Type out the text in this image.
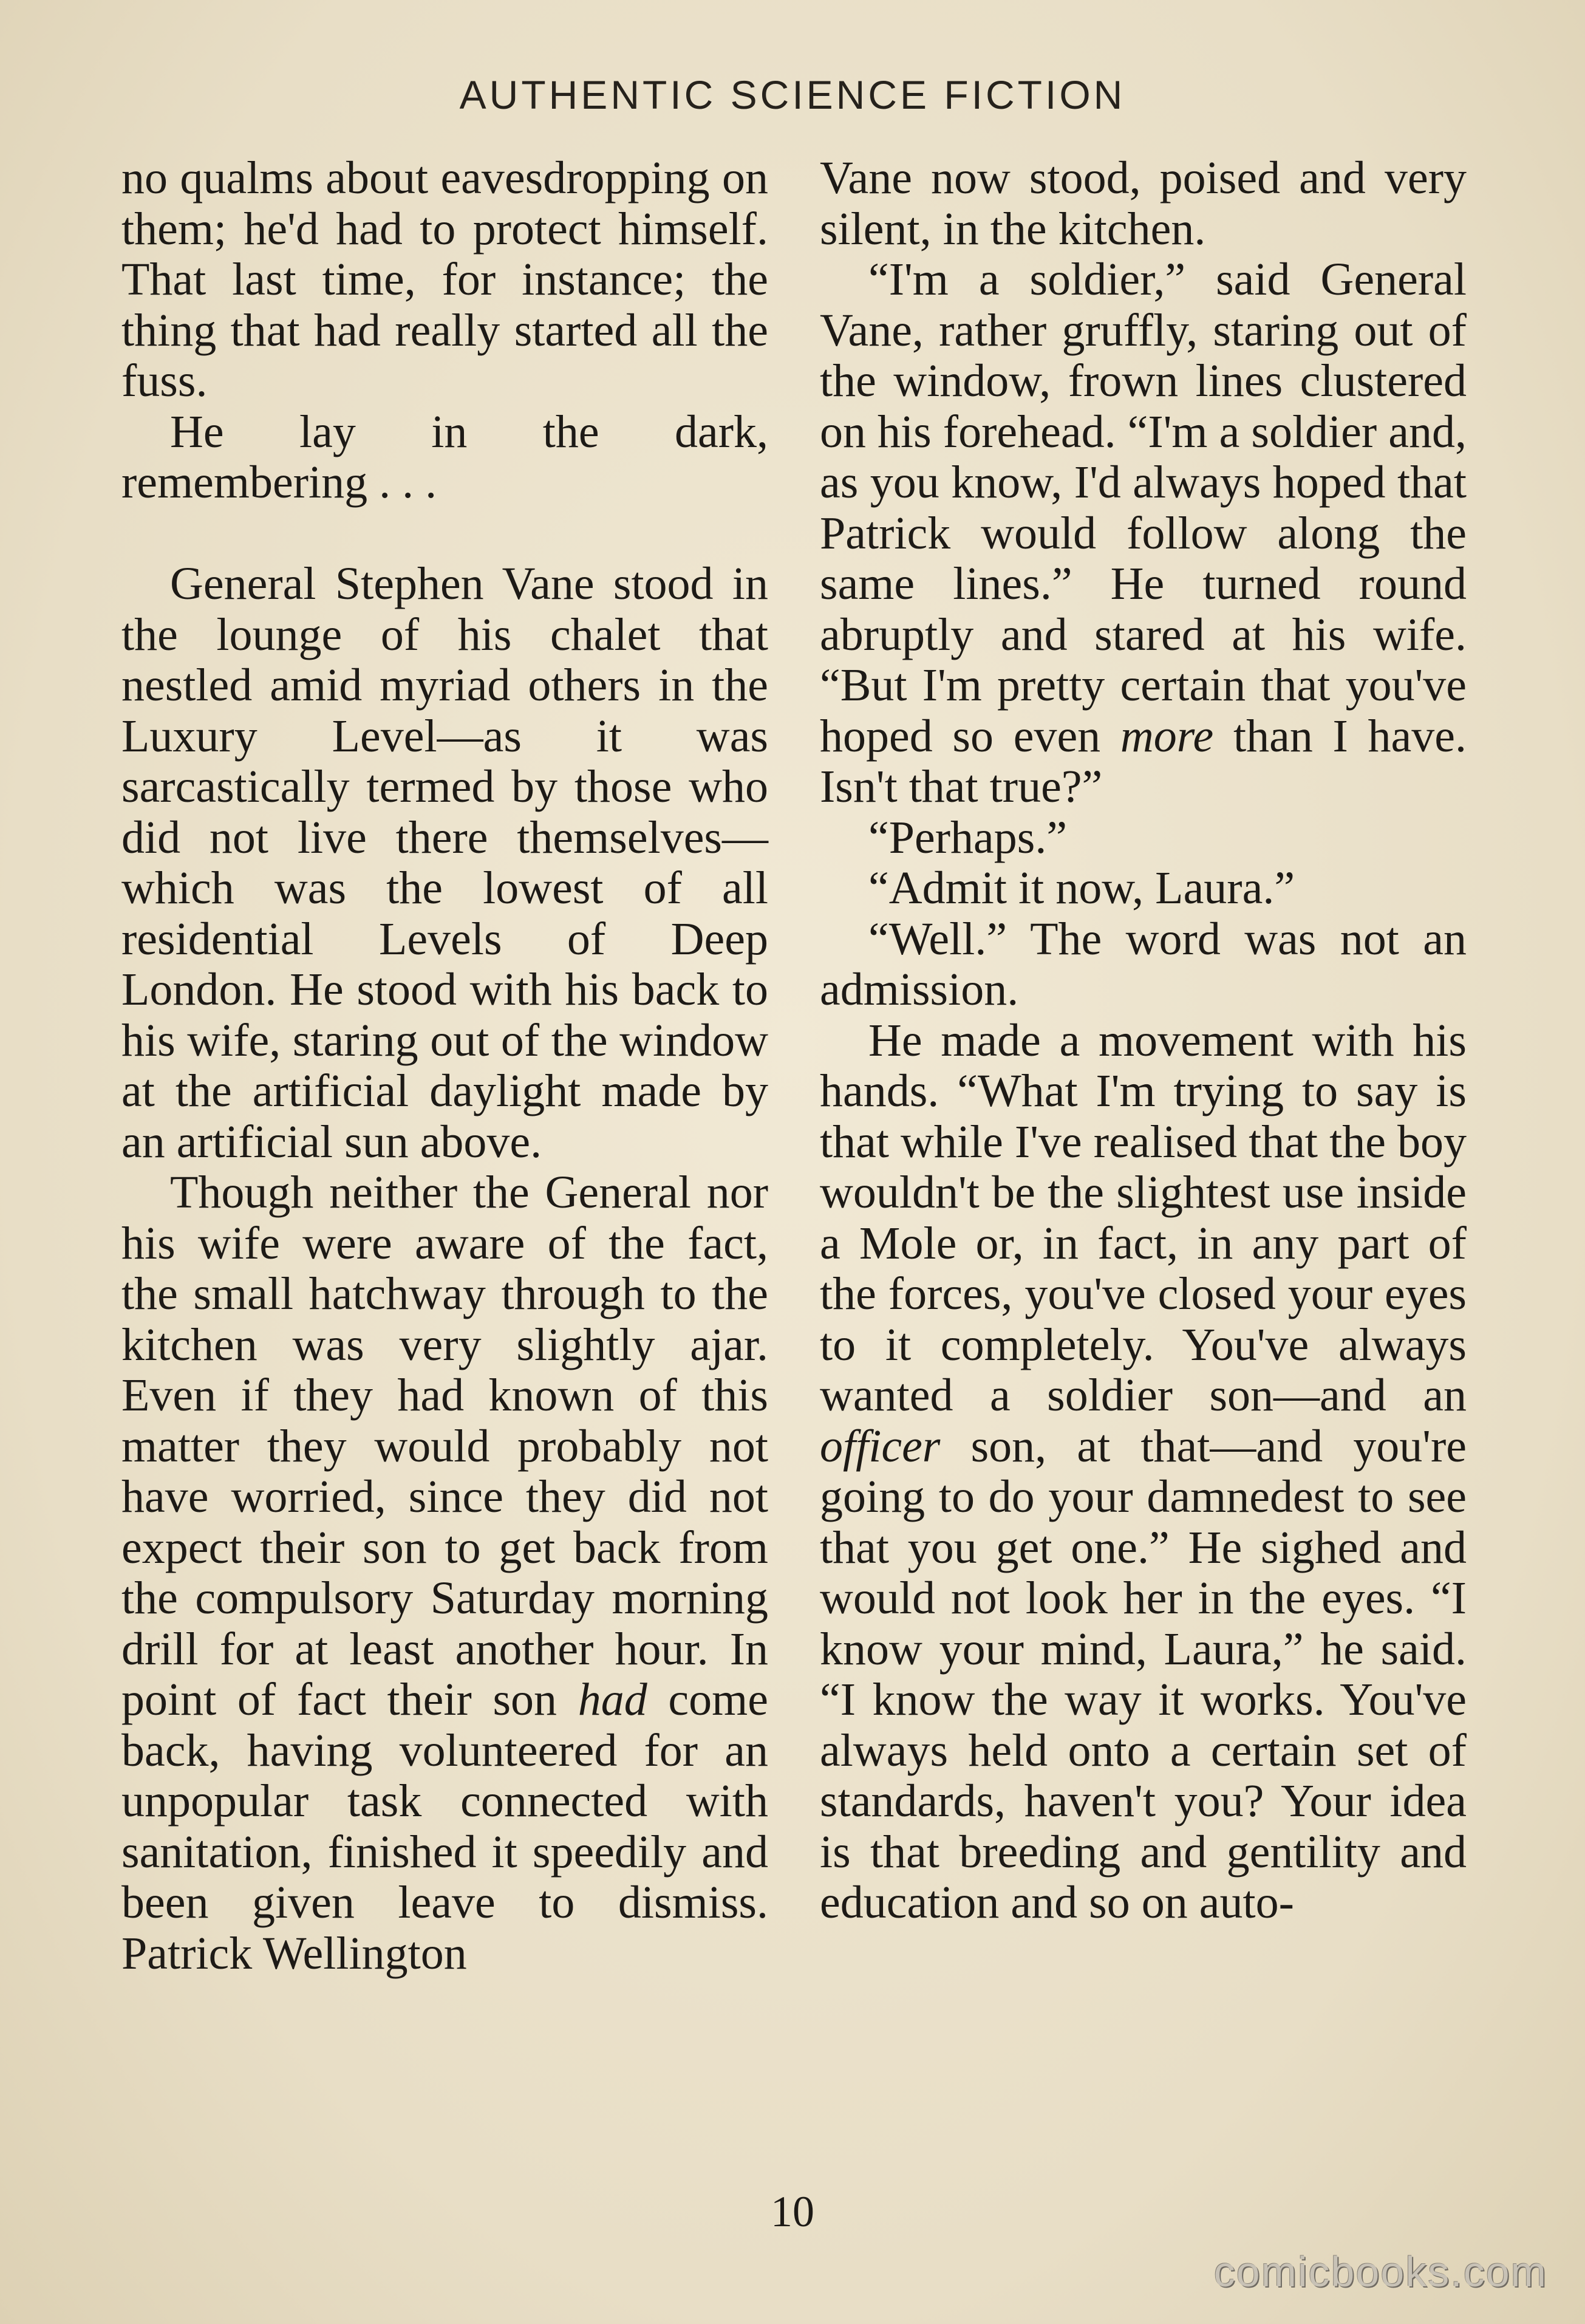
AUTHENTIC SCIENCE FICTION

no qualms about eavesdropping on them; he'd had to protect himself. That last time, for instance; the thing that had really started all the fuss.

He lay in the dark, remembering . . .

General Stephen Vane stood in the lounge of his chalet that nestled amid myriad others in the Luxury Level—as it was sarcastically termed by those who did not live there themselves—which was the lowest of all residential Levels of Deep London. He stood with his back to his wife, staring out of the window at the artificial daylight made by an artificial sun above.

Though neither the General nor his wife were aware of the fact, the small hatchway through to the kitchen was very slightly ajar. Even if they had known of this matter they would probably not have worried, since they did not expect their son to get back from the compulsory Saturday morning drill for at least another hour. In point of fact their son had come back, having volunteered for an unpopular task connected with sanitation, finished it speedily and been given leave to dismiss. Patrick Wellington

Vane now stood, poised and very silent, in the kitchen.

“I'm a soldier,” said General Vane, rather gruffly, staring out of the window, frown lines clustered on his forehead. “I'm a soldier and, as you know, I'd always hoped that Patrick would follow along the same lines.” He turned round abruptly and stared at his wife. “But I'm pretty certain that you've hoped so even more than I have. Isn't that true?”

“Perhaps.”

“Admit it now, Laura.”

“Well.” The word was not an admission.

He made a movement with his hands. “What I'm trying to say is that while I've realised that the boy wouldn't be the slightest use inside a Mole or, in fact, in any part of the forces, you've closed your eyes to it completely. You've always wanted a soldier son—and an officer son, at that—and you're going to do your damnedest to see that you get one.” He sighed and would not look her in the eyes. “I know your mind, Laura,” he said. “I know the way it works. You've always held onto a certain set of standards, haven't you? Your idea is that breeding and gentility and education and so on auto-

10
comicbooks.com
